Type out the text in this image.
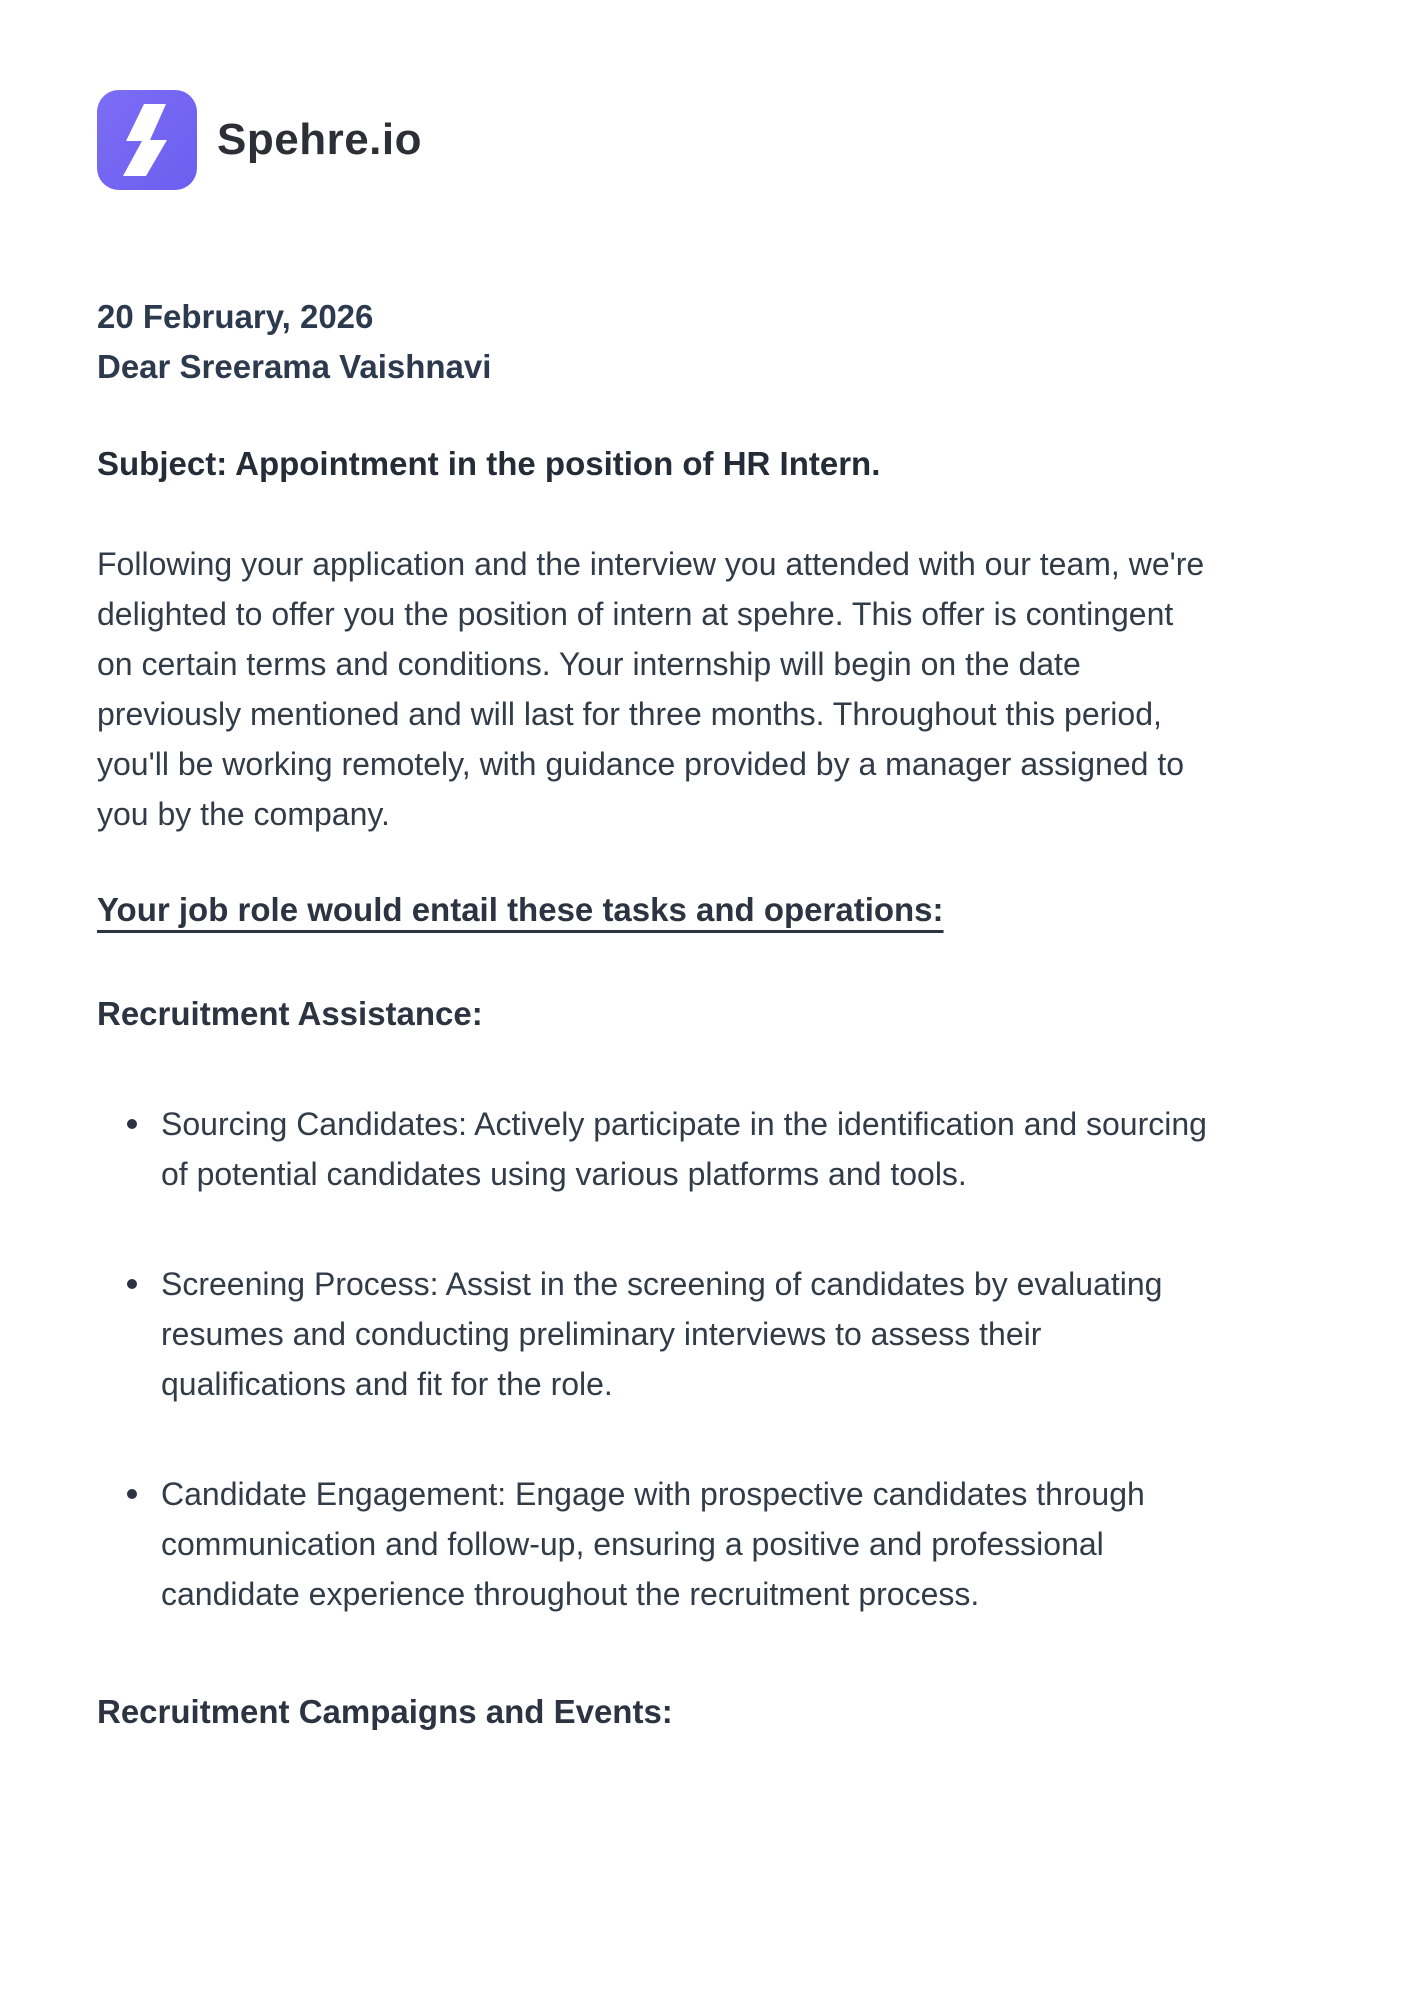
Spehre.io
20 February, 2026
Dear Sreerama Vaishnavi
Subject: Appointment in the position of HR Intern.
Following your application and the interview you attended with our team, we're delighted to offer you the position of intern at spehre. This offer is contingent on certain terms and conditions. Your internship will begin on the date previously mentioned and will last for three months. Throughout this period, you'll be working remotely, with guidance provided by a manager assigned to you by the company.
Your job role would entail these tasks and operations:
Recruitment Assistance:
Sourcing Candidates: Actively participate in the identification and sourcing of potential candidates using various platforms and tools.
Screening Process: Assist in the screening of candidates by evaluating resumes and conducting preliminary interviews to assess their qualifications and fit for the role.
Candidate Engagement: Engage with prospective candidates through communication and follow-up, ensuring a positive and professional candidate experience throughout the recruitment process.
Recruitment Campaigns and Events:
